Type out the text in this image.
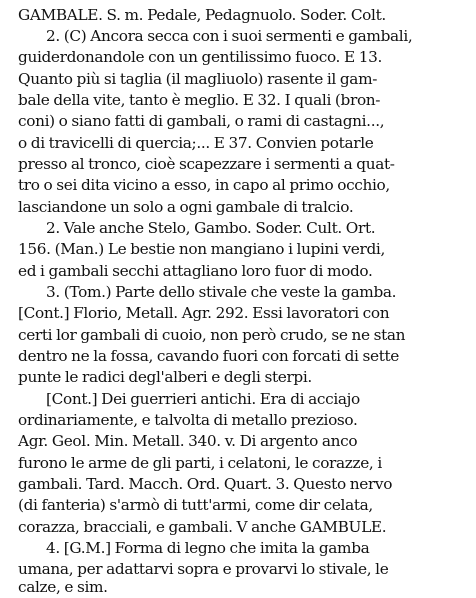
GAMBALE. S. m. Pedale, Pedagnuolo. Soder. Colt.
2. (C) Ancora secca con i suoi sermenti e gambali,
guiderdonandole con un gentilissimo fuoco. E 13.
Quanto più si taglia (il magliuolo) rasente il gam-
bale della vite, tanto è meglio. E 32. I quali (bron-
coni) o siano fatti di gambali, o rami di castagni...,
o di travicelli di quercia;... E 37. Convien potarle
presso al tronco, cioè scapezzare i sermenti a quat-
tro o sei dita vicino a esso, in capo al primo occhio,
lasciandone un solo a ogni gambale di tralcio.
2. Vale anche Stelo, Gambo. Soder. Cult. Ort.
156. (Man.) Le bestie non mangiano i lupini verdi,
ed i gambali secchi attagliano loro fuor di modo.
3. (Tom.) Parte dello stivale che veste la gamba.
[Cont.] Florio, Metall. Agr. 292. Essi lavoratori con
certi lor gambali di cuoio, non però crudo, se ne stan
dentro ne la fossa, cavando fuori con forcati di sette
punte le radici degl'alberi e degli sterpi.
[Cont.] Dei guerrieri antichi. Era di acciajo
ordinariamente, e talvolta di metallo prezioso.
Agr. Geol. Min. Metall. 340. v. Di argento anco
furono le arme de gli parti, i celatoni, le corazze, i
gambali. Tard. Macch. Ord. Quart. 3. Questo nervo
(di fanteria) s'armò di tutt'armi, come dir celata,
corazza, bracciali, e gambali. V anche GAMBULE.
4. [G.M.] Forma di legno che imita la gamba
umana, per adattarvi sopra e provarvi lo stivale, le
calze, e sim.
